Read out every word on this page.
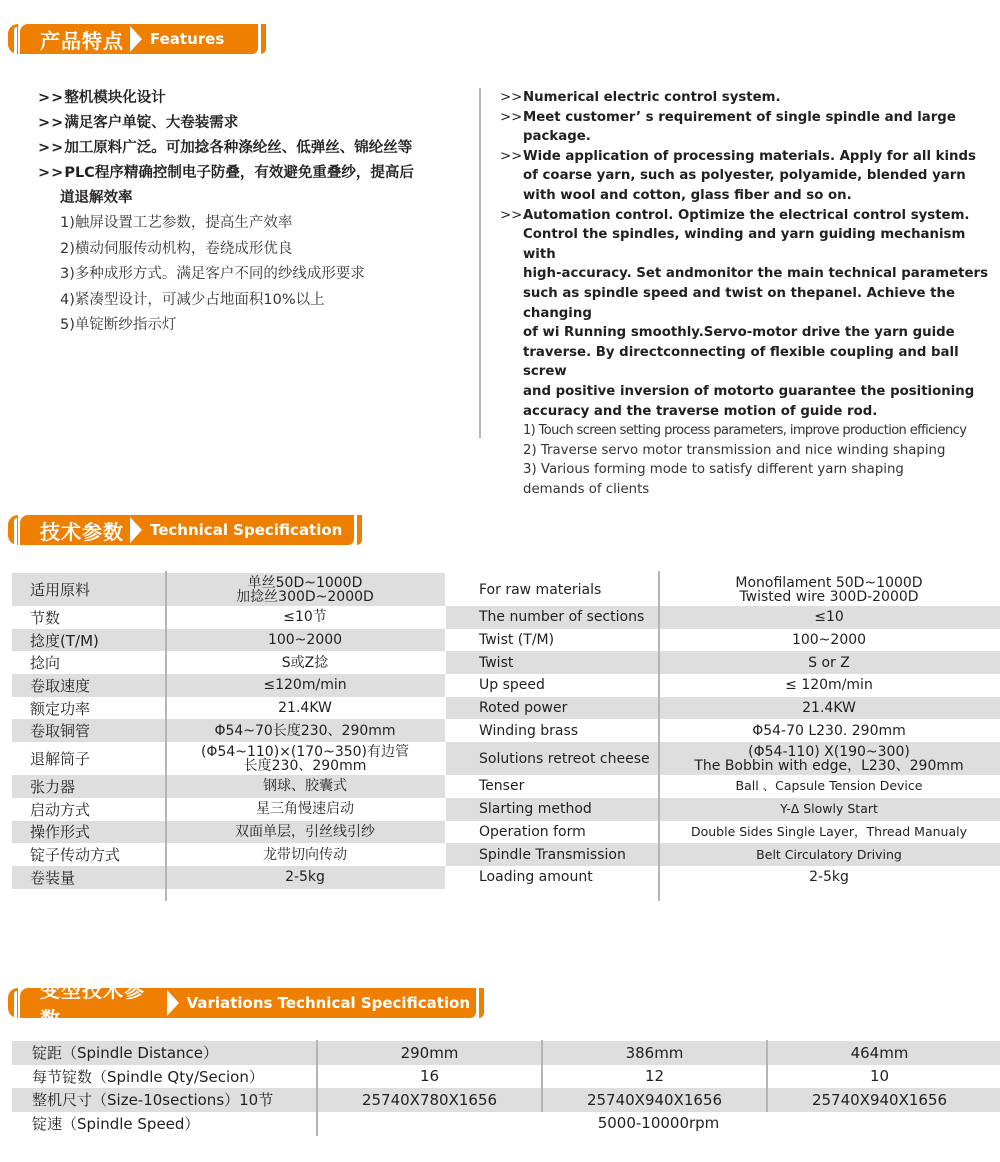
产品特点 Features
>>整机模块化设计
>>满足客户单锭、大卷装需求
>>加工原料广泛。可加捻各种涤纶丝、低弹丝、锦纶丝等
>>PLC程序精确控制电子防叠，有效避免重叠纱，提高后
道退解效率
1)触屏设置工艺参数，提高生产效率
2)横动伺服传动机构，卷绕成形优良
3)多种成形方式。满足客户不同的纱线成形要求
4)紧凑型设计，可减少占地面积10%以上
5)单锭断纱指示灯
>> Numerical electric control system.
>> Meet customer’ s requirement of single spindle and large
package.
>> Wide application of processing materials. Apply for all kinds
of coarse yarn, such as polyester, polyamide, blended yarn
with wool and cotton, glass fiber and so on.
>> Automation control. Optimize the electrical control system.
Control the spindles, winding and yarn guiding mechanism with
high-accuracy. Set andmonitor the main technical parameters
such as spindle speed and twist on thepanel. Achieve the changing
of wi Running smoothly.Servo-motor drive the yarn guide
traverse. By directconnecting of flexible coupling and ball screw
and positive inversion of motorto guarantee the positioning
accuracy and the traverse motion of guide rod.
1) Touch screen setting process parameters, improve production efficiency
2) Traverse servo motor transmission and nice winding shaping
3) Various forming mode to satisfy different yarn shaping
demands of clients
技术参数 Technical Specification
适用原料	单丝50D~1000D
加捻丝300D~2000D
节数	≤10节
捻度(T/M)	100~2000
捻向	S或Z捻
卷取速度	≤120m/min
额定功率	21.4KW
卷取铜管	Φ54~70长度230、290mm
退解筒子	(Φ54~110)×(170~350)有边管
长度230、290mm
张力器	钢球、胶囊式
启动方式	星三角慢速启动
操作形式	双面单层，引丝线引纱
锭子传动方式	龙带切向传动
卷装量	2-5kg
For raw materials	Monofilament 50D~1000D
Twisted wire 300D-2000D
The number of sections	≤10
Twist (T/M)	100~2000
Twist	S or Z
Up speed	≤ 120m/min
Roted power	21.4KW
Winding brass	Φ54-70 L230. 290mm
Solutions retreot cheese	(Φ54-110) X(190~300)
The Bobbin with edge，L230、290mm
Tenser	Ball 、Capsule Tension Device
Slarting method	Y-Δ Slowly Start
Operation form	Double Sides Single Layer，Thread Manualy
Spindle Transmission	Belt Circulatory Driving
Loading amount	2-5kg
变型技术参数
Variations Technical Specification
锭距（Spindle Distance）	290mm	386mm	464mm
每节锭数（Spindle Qty/Secion）	16	12	10
整机尺寸（Size-10sections）10节	25740X780X1656	25740X940X1656	25740X940X1656
锭速（Spindle Speed）	5000-10000rpm
